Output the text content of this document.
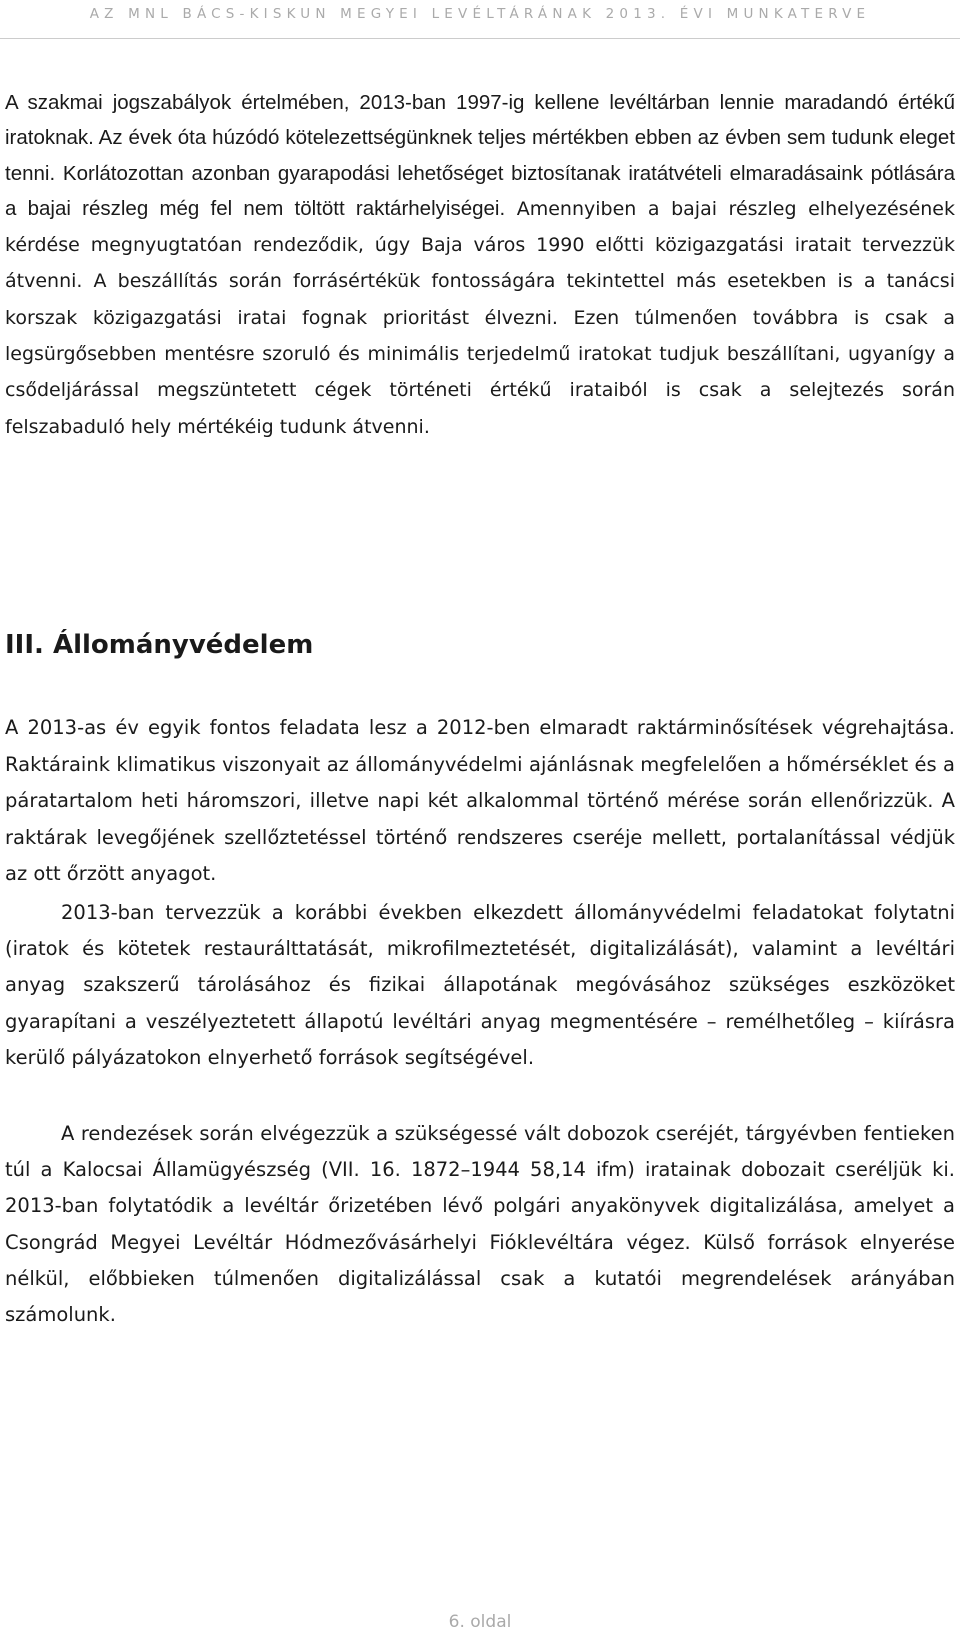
AZ MNL BÁCS-KISKUN MEGYEI LEVÉLTÁRÁNAK 2013. ÉVI MUNKATERVE

A szakmai jogszabályok értelmében, 2013-ban 1997-ig kellene levéltárban lennie maradandó értékű iratoknak. Az évek óta húzódó kötelezettségünknek teljes mértékben ebben az évben sem tudunk eleget tenni. Korlátozottan azonban gyarapodási lehetőséget biztosítanak iratátvételi elmaradásaink pótlására a bajai részleg még fel nem töltött raktárhelyiségei. Amennyiben a bajai részleg elhelyezésének kérdése megnyugtatóan rendeződik, úgy Baja város 1990 előtti közigazgatási iratait tervezzük átvenni. A beszállítás során forrásértékük fontosságára tekintettel más esetekben is a tanácsi korszak közigazgatási iratai fognak prioritást élvezni. Ezen túlmenően továbbra is csak a legsürgősebben mentésre szoruló és minimális terjedelmű iratokat tudjuk beszállítani, ugyanígy a csődeljárással megszüntetett cégek történeti értékű irataiból is csak a selejtezés során felszabaduló hely mértékéig tudunk átvenni.

III. Állományvédelem

A 2013-as év egyik fontos feladata lesz a 2012-ben elmaradt raktárminősítések végrehajtása. Raktáraink klimatikus viszonyait az állományvédelmi ajánlásnak megfelelően a hőmérséklet és a páratartalom heti háromszori, illetve napi két alkalommal történő mérése során ellenőrizzük. A raktárak levegőjének szellőztetéssel történő rendszeres cseréje mellett, portalanítással védjük az ott őrzött anyagot.

2013-ban tervezzük a korábbi években elkezdett állományvédelmi feladatokat folytatni (iratok és kötetek restaurálttatását, mikrofilmeztetését, digitalizálását), valamint a levéltári anyag szakszerű tárolásához és fizikai állapotának megóvásához szükséges eszközöket gyarapítani a veszélyeztetett állapotú levéltári anyag megmentésére – remélhetőleg – kiírásra kerülő pályázatokon elnyerhető források segítségével.

A rendezések során elvégezzük a szükségessé vált dobozok cseréjét, tárgyévben fentieken túl a Kalocsai Államügyészség (VII. 16. 1872–1944 58,14 ifm) iratainak dobozait cseréljük ki. 2013-ban folytatódik a levéltár őrizetében lévő polgári anyakönyvek digitalizálása, amelyet a Csongrád Megyei Levéltár Hódmezővásárhelyi Fióklevéltára végez. Külső források elnyerése nélkül, előbbieken túlmenően digitalizálással csak a kutatói megrendelések arányában számolunk.

6. oldal
